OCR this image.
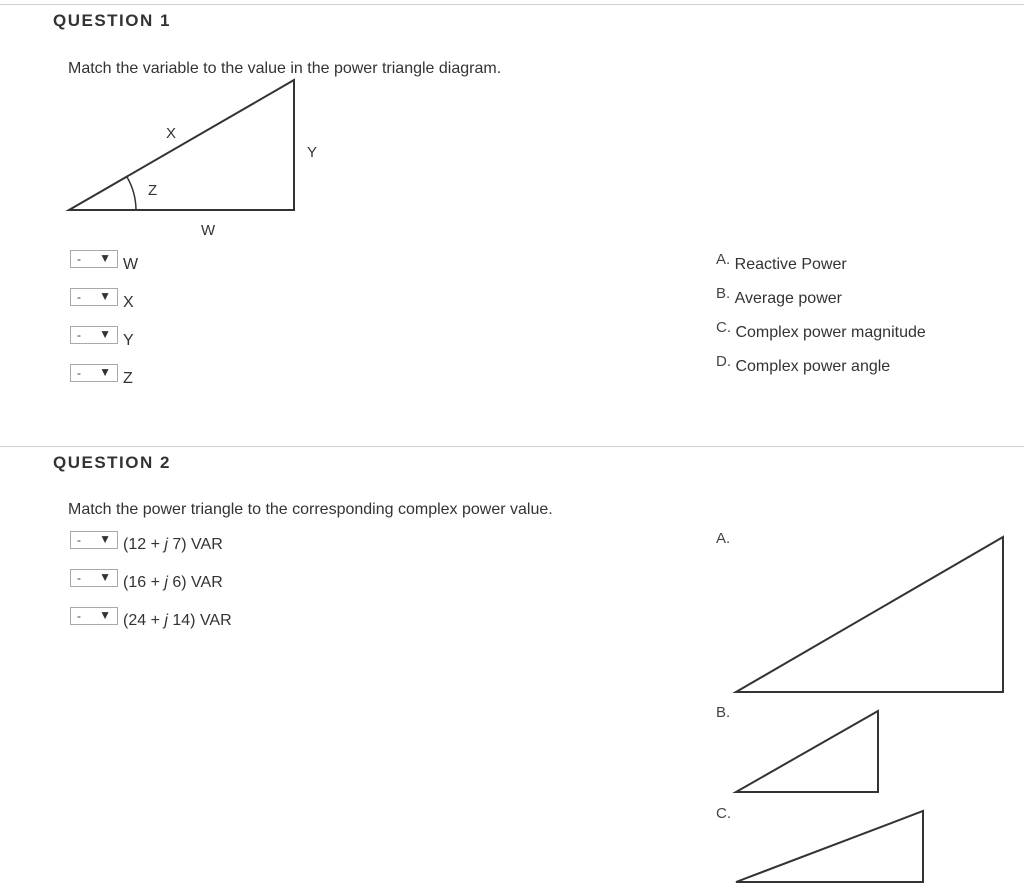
QUESTION 1
Match the variable to the value in the power triangle diagram.
X
Y
Z
W
- ▼ W
- ▼ X
- ▼ Y
- ▼ Z
A. Reactive Power
B. Average power
C. Complex power magnitude
D. Complex power angle
QUESTION 2
Match the power triangle to the corresponding complex power value.
- ▼ (12 + j 7) VAR
- ▼ (16 + j 6) VAR
- ▼ (24 + j 14) VAR
A.
B.
C.
